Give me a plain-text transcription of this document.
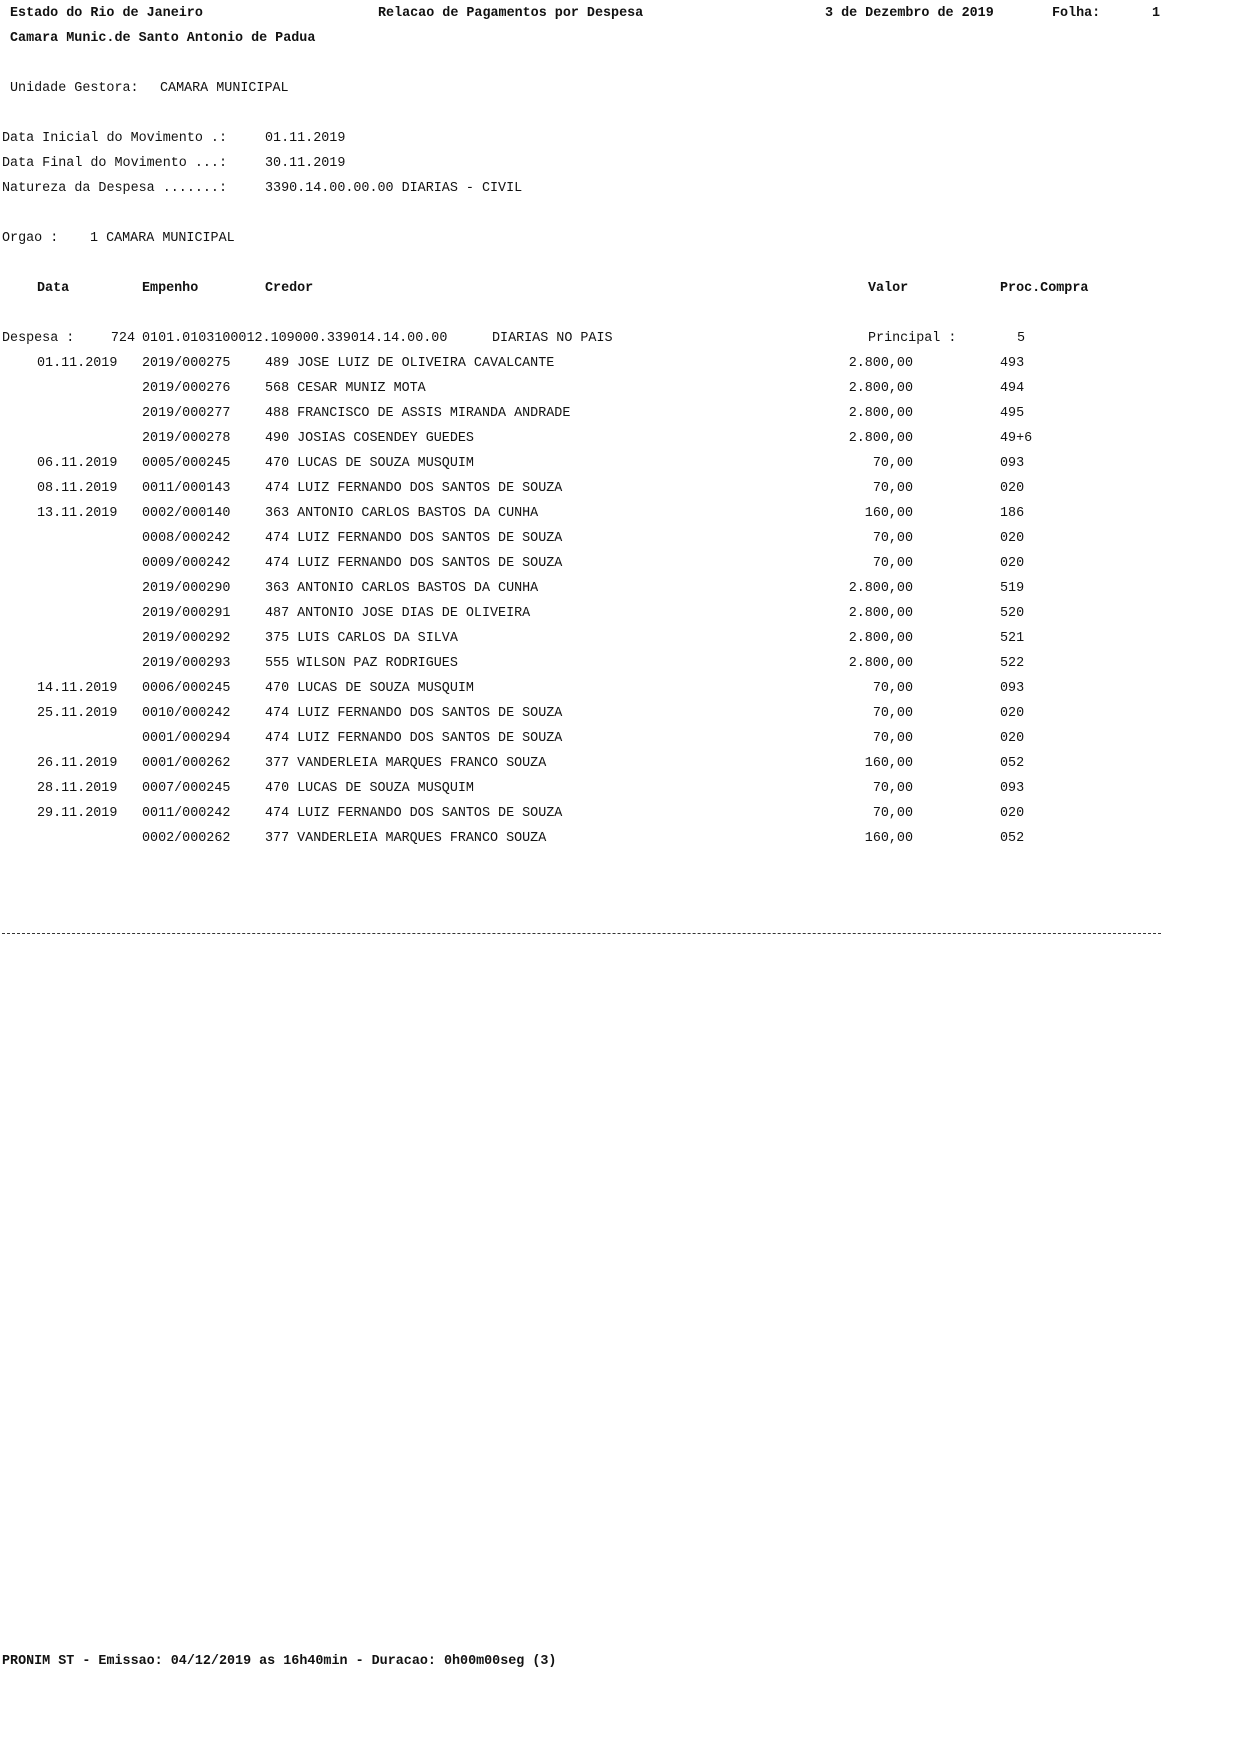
Estado do Rio de Janeiro	Relacao de Pagamentos por Despesa	3 de Dezembro de 2019	Folha:	1
Camara Munic.de Santo Antonio de Padua
Unidade Gestora: CAMARA MUNICIPAL
Data Inicial do Movimento .:	01.11.2019
Data Final do Movimento ...:	30.11.2019
Natureza da Despesa .......:	3390.14.00.00.00 DIARIAS - CIVIL
Orgao : 1 CAMARA MUNICIPAL
Data	Empenho	Credor	Valor	Proc.Compra
Despesa :	724 0101.0103100012.109000.339014.14.00.00	DIARIAS NO PAIS	Principal :	5
01.11.2019 2019/000275	489 JOSE LUIZ DE OLIVEIRA CAVALCANTE	2.800,00	493
2019/000276	568 CESAR MUNIZ MOTA	2.800,00	494
2019/000277	488 FRANCISCO DE ASSIS MIRANDA ANDRADE	2.800,00	495
2019/000278	490 JOSIAS COSENDEY GUEDES	2.800,00	49+6
06.11.2019 0005/000245	470 LUCAS DE SOUZA MUSQUIM	70,00	093
08.11.2019 0011/000143	474 LUIZ FERNANDO DOS SANTOS DE SOUZA	70,00	020
13.11.2019 0002/000140	363 ANTONIO CARLOS BASTOS DA CUNHA	160,00	186
0008/000242	474 LUIZ FERNANDO DOS SANTOS DE SOUZA	70,00	020
0009/000242	474 LUIZ FERNANDO DOS SANTOS DE SOUZA	70,00	020
2019/000290	363 ANTONIO CARLOS BASTOS DA CUNHA	2.800,00	519
2019/000291	487 ANTONIO JOSE DIAS DE OLIVEIRA	2.800,00	520
2019/000292	375 LUIS CARLOS DA SILVA	2.800,00	521
2019/000293	555 WILSON PAZ RODRIGUES	2.800,00	522
14.11.2019 0006/000245	470 LUCAS DE SOUZA MUSQUIM	70,00	093
25.11.2019 0010/000242	474 LUIZ FERNANDO DOS SANTOS DE SOUZA	70,00	020
0001/000294	474 LUIZ FERNANDO DOS SANTOS DE SOUZA	70,00	020
26.11.2019 0001/000262	377 VANDERLEIA MARQUES FRANCO SOUZA	160,00	052
28.11.2019 0007/000245	470 LUCAS DE SOUZA MUSQUIM	70,00	093
29.11.2019 0011/000242	474 LUIZ FERNANDO DOS SANTOS DE SOUZA	70,00	020
0002/000262	377 VANDERLEIA MARQUES FRANCO SOUZA	160,00	052
PRONIM ST - Emissao: 04/12/2019 as 16h40min - Duracao: 0h00m00seg (3)
